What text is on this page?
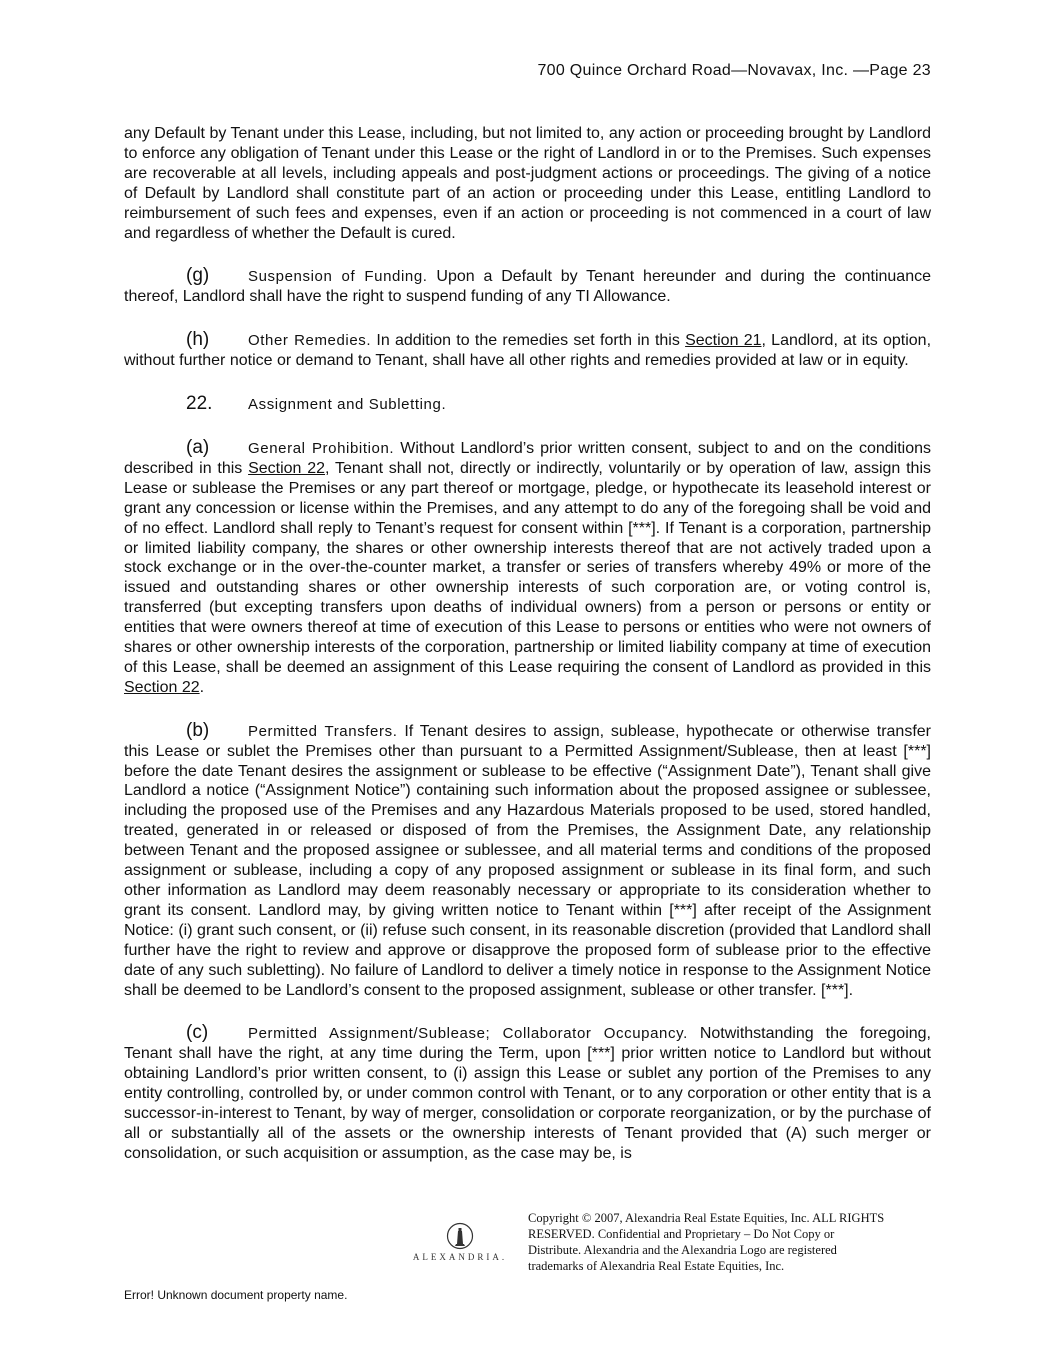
700 Quince Orchard Road—Novavax, Inc. —Page 23

any Default by Tenant under this Lease, including, but not limited to, any action or proceeding brought by Landlord to enforce any obligation of Tenant under this Lease or the right of Landlord in or to the Premises. Such expenses are recoverable at all levels, including appeals and post-judgment actions or proceedings. The giving of a notice of Default by Landlord shall constitute part of an action or proceeding under this Lease, entitling Landlord to reimbursement of such fees and expenses, even if an action or proceeding is not commenced in a court of law and regardless of whether the Default is cured.

(g)	Suspension of Funding. Upon a Default by Tenant hereunder and during the continuance thereof, Landlord shall have the right to suspend funding of any TI Allowance.

(h)	Other Remedies. In addition to the remedies set forth in this Section 21, Landlord, at its option, without further notice or demand to Tenant, shall have all other rights and remedies provided at law or in equity.

22. Assignment and Subletting.

(a)	General Prohibition. Without Landlord’s prior written consent, subject to and on the conditions described in this Section 22, Tenant shall not, directly or indirectly, voluntarily or by operation of law, assign this Lease or sublease the Premises or any part thereof or mortgage, pledge, or hypothecate its leasehold interest or grant any concession or license within the Premises, and any attempt to do any of the foregoing shall be void and of no effect. Landlord shall reply to Tenant’s request for consent within [***]. If Tenant is a corporation, partnership or limited liability company, the shares or other ownership interests thereof that are not actively traded upon a stock exchange or in the over-the-counter market, a transfer or series of transfers whereby 49% or more of the issued and outstanding shares or other ownership interests of such corporation are, or voting control is, transferred (but excepting transfers upon deaths of individual owners) from a person or persons or entity or entities that were owners thereof at time of execution of this Lease to persons or entities who were not owners of shares or other ownership interests of the corporation, partnership or limited liability company at time of execution of this Lease, shall be deemed an assignment of this Lease requiring the consent of Landlord as provided in this Section 22.

(b)	Permitted Transfers. If Tenant desires to assign, sublease, hypothecate or otherwise transfer this Lease or sublet the Premises other than pursuant to a Permitted Assignment/Sublease, then at least [***] before the date Tenant desires the assignment or sublease to be effective (“Assignment Date”), Tenant shall give Landlord a notice (“Assignment Notice”) containing such information about the proposed assignee or sublessee, including the proposed use of the Premises and any Hazardous Materials proposed to be used, stored handled, treated, generated in or released or disposed of from the Premises, the Assignment Date, any relationship between Tenant and the proposed assignee or sublessee, and all material terms and conditions of the proposed assignment or sublease, including a copy of any proposed assignment or sublease in its final form, and such other information as Landlord may deem reasonably necessary or appropriate to its consideration whether to grant its consent. Landlord may, by giving written notice to Tenant within [***] after receipt of the Assignment Notice: (i) grant such consent, or (ii) refuse such consent, in its reasonable discretion (provided that Landlord shall further have the right to review and approve or disapprove the proposed form of sublease prior to the effective date of any such subletting). No failure of Landlord to deliver a timely notice in response to the Assignment Notice shall be deemed to be Landlord’s consent to the proposed assignment, sublease or other transfer. [***].

(c)	Permitted Assignment/Sublease; Collaborator Occupancy. Notwithstanding the foregoing, Tenant shall have the right, at any time during the Term, upon [***] prior written notice to Landlord but without obtaining Landlord’s prior written consent, to (i) assign this Lease or sublet any portion of the Premises to any entity controlling, controlled by, or under common control with Tenant, or to any corporation or other entity that is a successor-in-interest to Tenant, by way of merger, consolidation or corporate reorganization, or by the purchase of all or substantially all of the assets or the ownership interests of Tenant provided that (A) such merger or consolidation, or such acquisition or assumption, as the case may be, is

ALEXANDRIA.
Copyright © 2007, Alexandria Real Estate Equities, Inc. ALL RIGHTS RESERVED. Confidential and Proprietary – Do Not Copy or Distribute. Alexandria and the Alexandria Logo are registered trademarks of Alexandria Real Estate Equities, Inc.
Error! Unknown document property name.
